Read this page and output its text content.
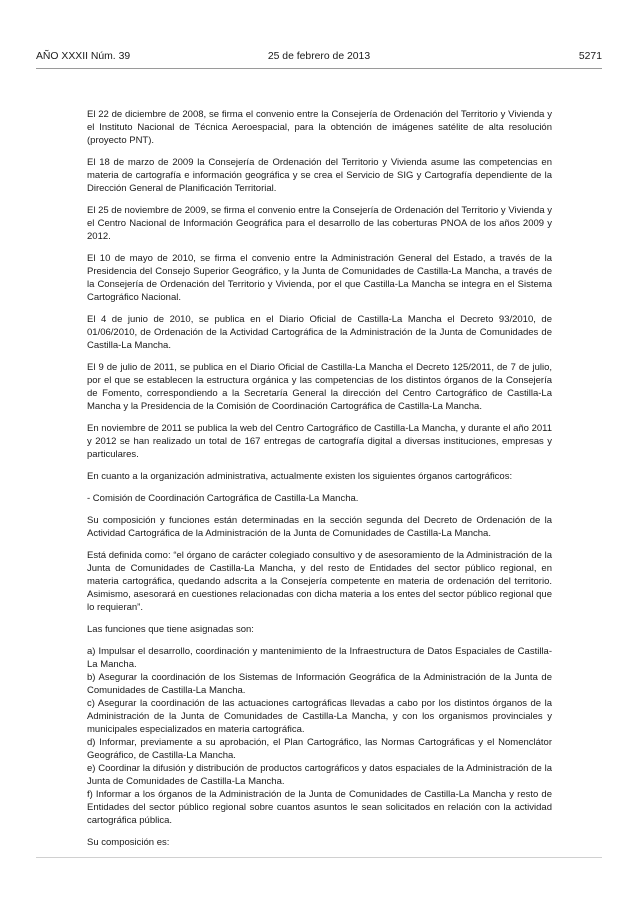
AÑO XXXII Núm. 39	25 de febrero de 2013	5271

El 22 de diciembre de 2008, se firma el convenio entre la Consejería de Ordenación del Territorio y Vivienda y el Instituto Nacional de Técnica Aeroespacial, para la obtención de imágenes satélite de alta resolución (proyecto PNT).

El 18 de marzo de 2009 la Consejería de Ordenación del Territorio y Vivienda asume las competencias en materia de cartografía e información geográfica y se crea el Servicio de SIG y Cartografía dependiente de la Dirección General de Planificación Territorial.

El 25 de noviembre de 2009, se firma el convenio entre la Consejería de Ordenación del Territorio y Vivienda y el Centro Nacional de Información Geográfica para el desarrollo de las coberturas PNOA de los años 2009 y 2012.

El 10 de mayo de 2010, se firma el convenio entre la Administración General del Estado, a través de la Presidencia del Consejo Superior Geográfico, y la Junta de Comunidades de Castilla-La Mancha, a través de la Consejería de Ordenación del Territorio y Vivienda, por el que Castilla-La Mancha se integra en el Sistema Cartográfico Nacional.

El 4 de junio de 2010, se publica en el Diario Oficial de Castilla-La Mancha el Decreto 93/2010, de 01/06/2010, de Ordenación de la Actividad Cartográfica de la Administración de la Junta de Comunidades de Castilla-La Mancha.

El 9 de julio de 2011, se publica en el Diario Oficial de Castilla-La Mancha el Decreto 125/2011, de 7 de julio, por el que se establecen la estructura orgánica y las competencias de los distintos órganos de la Consejería de Fomento, correspondiendo a la Secretaría General la dirección del Centro Cartográfico de Castilla-La Mancha y la Presidencia de la Comisión de Coordinación Cartográfica de Castilla-La Mancha.

En noviembre de 2011 se publica la web del Centro Cartográfico de Castilla-La Mancha, y durante el año 2011 y 2012 se han realizado un total de 167 entregas de cartografía digital a diversas instituciones, empresas y particulares.

En cuanto a la organización administrativa, actualmente existen los siguientes órganos cartográficos:

- Comisión de Coordinación Cartográfica de Castilla-La Mancha.

Su composición y funciones están determinadas en la sección segunda del Decreto de Ordenación de la Actividad Cartográfica de la Administración de la Junta de Comunidades de Castilla-La Mancha.

Está definida como: “el órgano de carácter colegiado consultivo y de asesoramiento de la Administración de la Junta de Comunidades de Castilla-La Mancha, y del resto de Entidades del sector público regional, en materia cartográfica, quedando adscrita a la Consejería competente en materia de ordenación del territorio. Asimismo, asesorará en cuestiones relacionadas con dicha materia a los entes del sector público regional que lo requieran”.

Las funciones que tiene asignadas son:

a) Impulsar el desarrollo, coordinación y mantenimiento de la Infraestructura de Datos Espaciales de Castilla-La Mancha.

b) Asegurar la coordinación de los Sistemas de Información Geográfica de la Administración de la Junta de Comunidades de Castilla-La Mancha.

c) Asegurar la coordinación de las actuaciones cartográficas llevadas a cabo por los distintos órganos de la Administración de la Junta de Comunidades de Castilla-La Mancha, y con los organismos provinciales y municipales especializados en materia cartográfica.

d) Informar, previamente a su aprobación, el Plan Cartográfico, las Normas Cartográficas y el Nomenclátor Geográfico, de Castilla-La Mancha.

e) Coordinar la difusión y distribución de productos cartográficos y datos espaciales de la Administración de la Junta de Comunidades de Castilla-La Mancha.

f) Informar a los órganos de la Administración de la Junta de Comunidades de Castilla-La Mancha y resto de Entidades del sector público regional sobre cuantos asuntos le sean solicitados en relación con la actividad cartográfica pública.

Su composición es:
